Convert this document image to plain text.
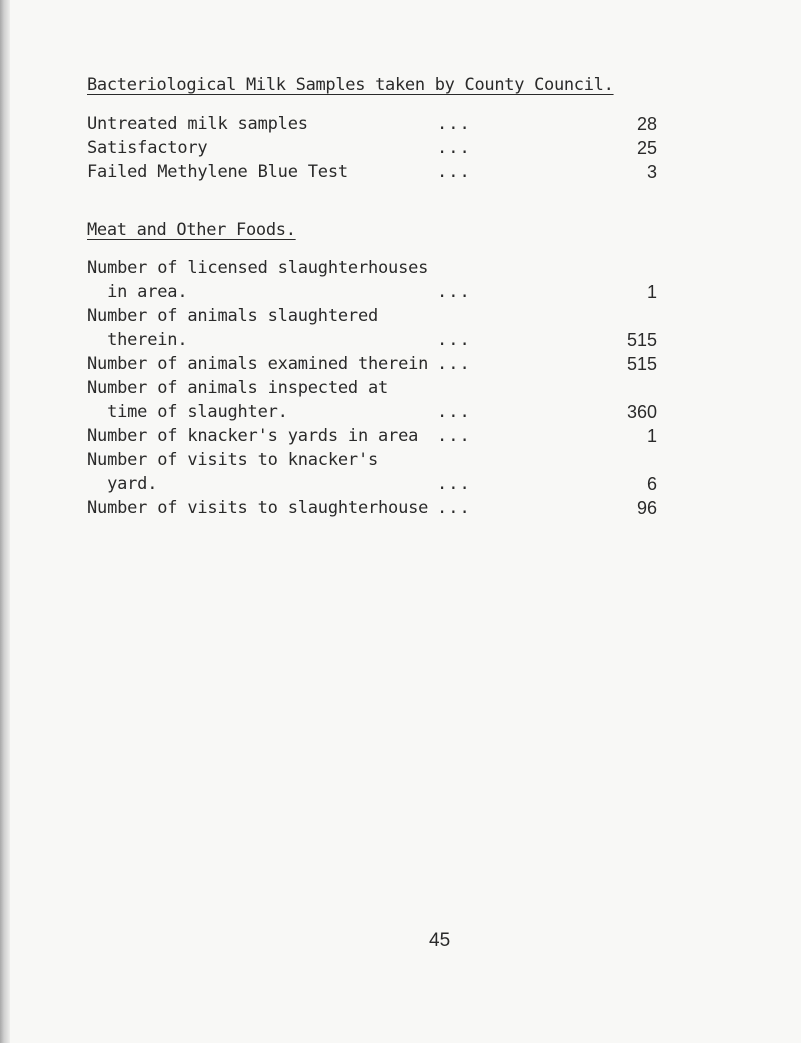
Bacteriological Milk Samples taken by County Council.
Untreated milk samples	...	28
Satisfactory	...	25
Failed Methylene Blue Test	...	3
Meat and Other Foods.
Number of licensed slaughterhouses
in area.	...	1
Number of animals slaughtered
therein.	...	515
Number of animals examined therein ...	515
Number of animals inspected at
time of slaughter.	...	360
Number of knacker's yards in area ...	1
Number of visits to knacker's
yard.	...	6
Number of visits to slaughterhouse ...	96
45
